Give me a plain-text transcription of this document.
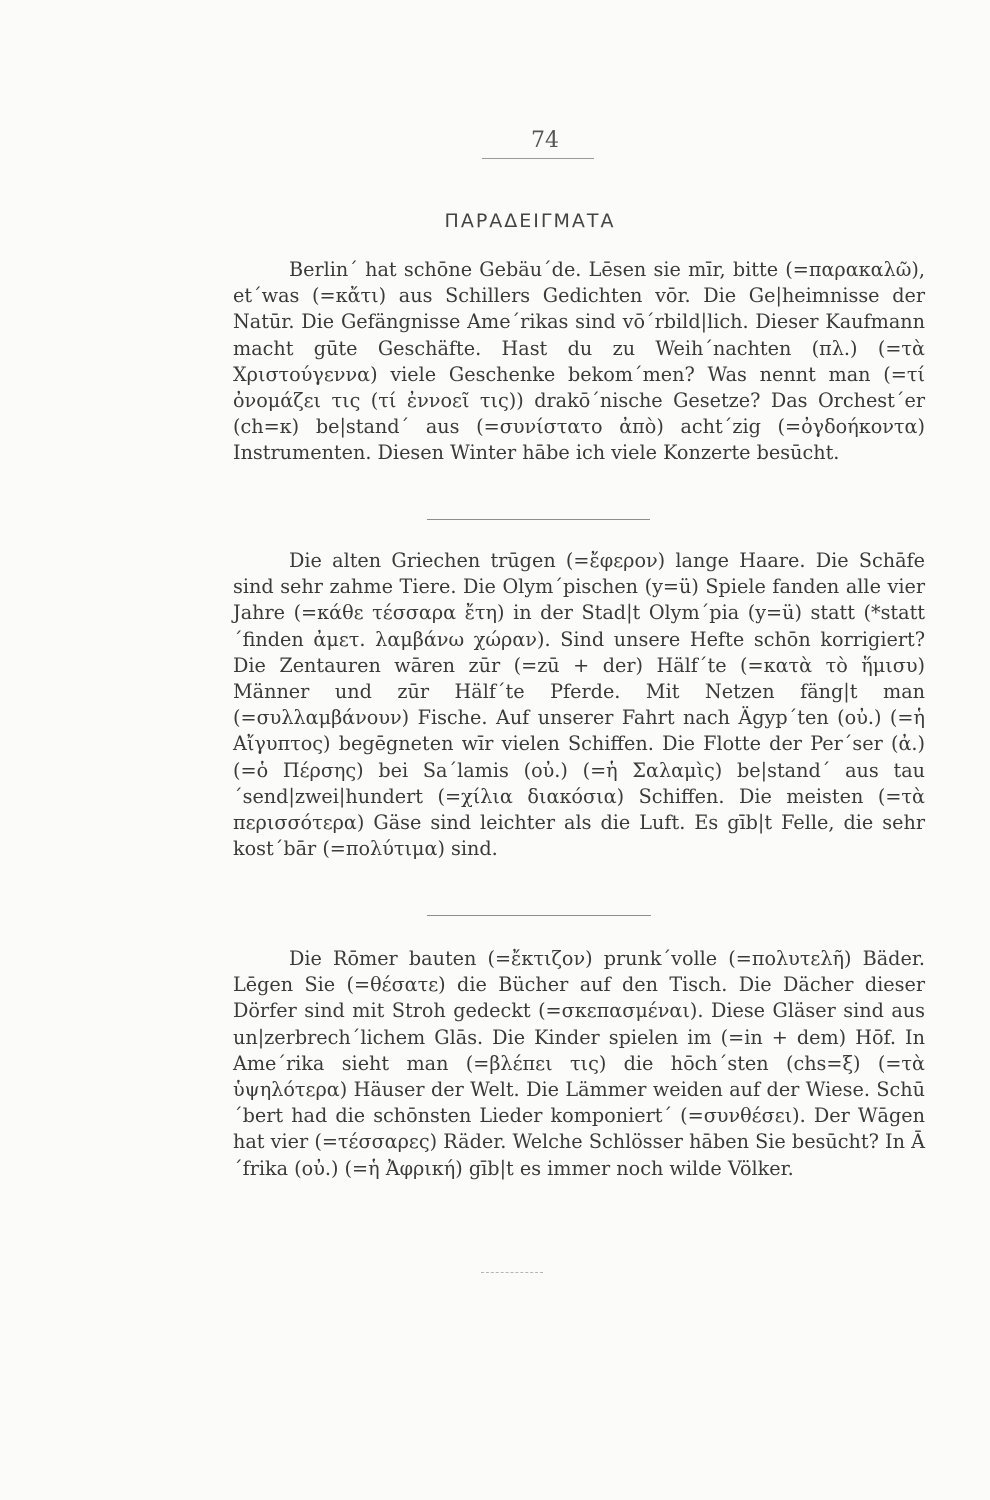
74
ΠΑΡΑΔΕΙΓΜΑΤΑ
Berlin´ hat schōne Gebäu´de. Lēsen sie mīr, bitte (=παρακαλῶ), et´was (=κἄτι) aus Schillers Gedichten vōr. Die Ge|heimnisse der Natūr. Die Gefängnisse Ame´rikas sind vō´rbild|lich. Dieser Kaufmann macht gūte Geschäfte. Hast du zu Weih´nachten (πλ.) (=τὰ Χριστούγεννα) viele Geschenke bekom´men? Was nennt man (=τί ὀνομάζει τις (τί ἐννοεῖ τις)) drakō´nische Gesetze? Das Orchest´er (ch=κ) be|stand´ aus (=συνίστατο ἀπὸ) acht´zig (=ὀγδοήκοντα) Instrumenten. Diesen Winter hābe ich viele Konzerte besūcht.
Die alten Griechen trūgen (=ἔφερον) lange Haare. Die Schāfe sind sehr zahme Tiere. Die Olym´pischen (y=ü) Spiele fanden alle vier Jahre (=κάθε τέσσαρα ἔτη) in der Stad|t Olym´pia (y=ü) statt (*statt´finden ἀμετ. λαμβάνω χώραν). Sind unsere Hefte schōn korrigiert? Die Zentauren wāren zūr (=zū + der) Hälf´te (=κατὰ τὸ ἥμισυ) Männer und zūr Hälf´te Pferde. Mit Netzen fäng|t man (=συλλαμβάνουν) Fische. Auf unserer Fahrt nach Ägyp´ten (οὐ.) (=ἡ Αἴγυπτος) begēgneten wīr vielen Schiffen. Die Flotte der Per´ser (ἀ.) (=ὁ Πέρσης) bei Sa´lamis (οὐ.) (=ἡ Σαλαμὶς) be|stand´ aus tau´send|zwei|hundert (=χίλια διακόσια) Schiffen. Die meisten (=τὰ περισσότερα) Gäse sind leichter als die Luft. Es gīb|t Felle, die sehr kost´bār (=πολύτιμα) sind.
Die Rōmer bauten (=ἔκτιζον) prunk´volle (=πολυτελῆ) Bäder. Lēgen Sie (=θέσατε) die Bücher auf den Tisch. Die Dächer dieser Dörfer sind mit Stroh gedeckt (=σκεπασμέναι). Diese Gläser sind aus un|zerbrech´lichem Glās. Die Kinder spielen im (=in + dem) Hōf. In Ame´rika sieht man (=βλέπει τις) die hōch´sten (chs=ξ) (=τὰ ὑψηλότερα) Häuser der Welt. Die Lämmer weiden auf der Wiese. Schū´bert had die schōnsten Lieder komponiert´ (=συνθέσει). Der Wāgen hat vier (=τέσσαρες) Räder. Welche Schlösser hāben Sie besūcht? In Ā´frika (οὐ.) (=ἡ Ἀφρική) gīb|t es immer noch wilde Völker.
